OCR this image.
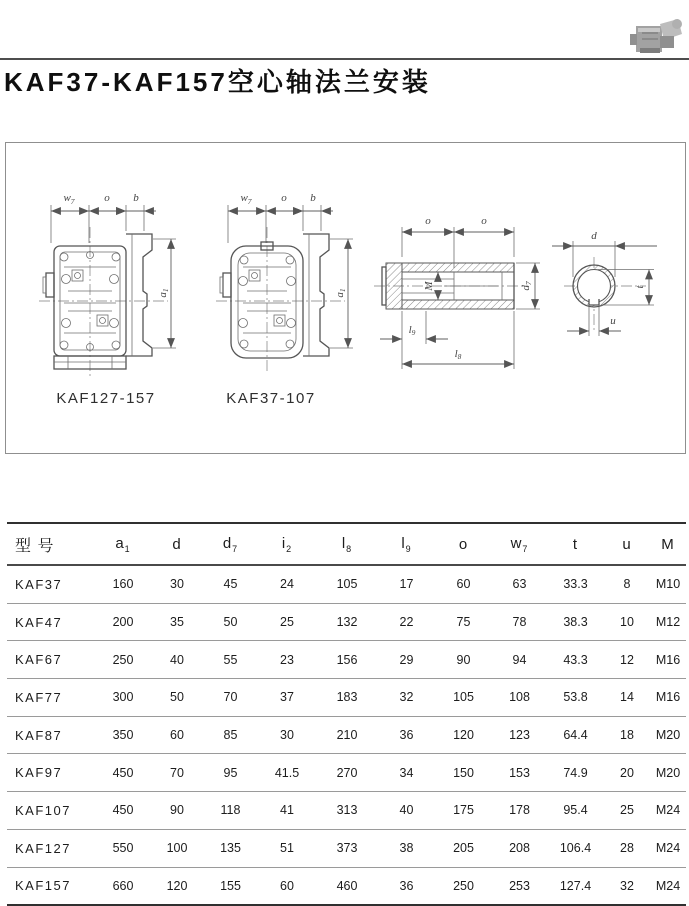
KAF37-KAF157空心轴法兰安装
$w_7$	o b
a1
KAF127-157
$w_7$	o b
a1
KAF37-107
o	o
M	d7
l9
l8
d
t
u
型 号	$a_1$	d	$d_7$	$i_2$	$l_8$	$l_9$	o	$w_7$	t	u	M
KAF37	160	30	45	24	105	17	60	63	33.3	8	M10
KAF47	200	35	50	25	132	22	75	78	38.3	10	M12
KAF67	250	40	55	23	156	29	90	94	43.3	12	M16
KAF77	300	50	70	37	183	32	105	108	53.8	14	M16
KAF87	350	60	85	30	210	36	120	123	64.4	18	M20
KAF97	450	70	95	41.5	270	34	150	153	74.9	20	M20
KAF107	450	90	118	41	313	40	175	178	95.4	25	M24
KAF127	550	100	135	51	373	38	205	208	106.4	28	M24
KAF157	660	120	155	60	460	36	250	253	127.4	32	M24
